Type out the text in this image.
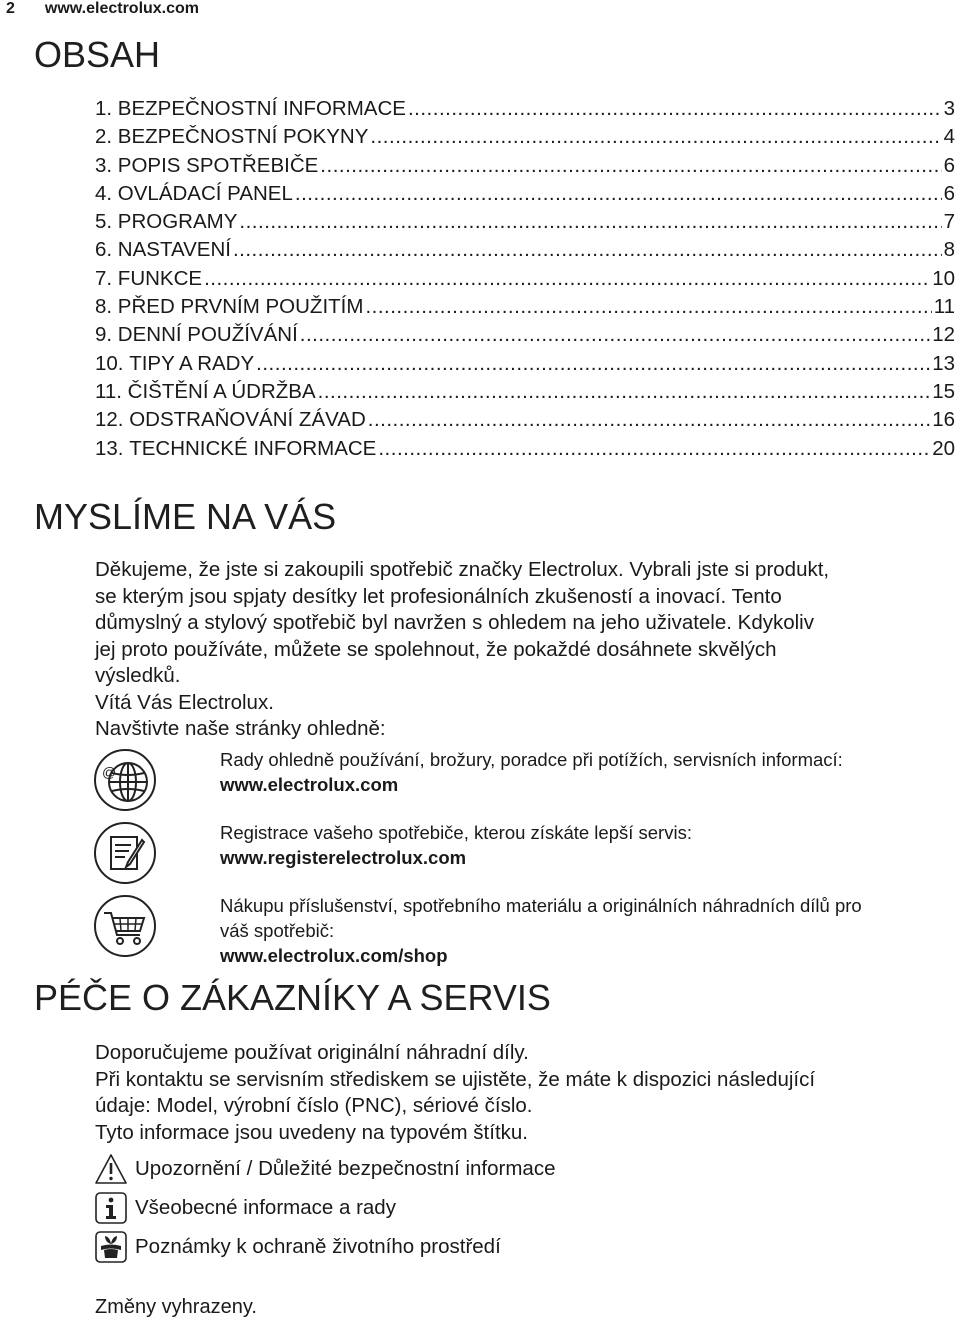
2 www.electrolux.com
OBSAH
1. BEZPEČNOSTNÍ INFORMACE .....	3
2. BEZPEČNOSTNÍ POKYNY .....	4
3. POPIS SPOTŘEBIČE .....	6
4. OVLÁDACÍ PANEL .....	6
5. PROGRAMY .....	7
6. NASTAVENÍ .....	8
7. FUNKCE .....	10
8. PŘED PRVNÍM POUŽITÍM .....	11
9. DENNÍ POUŽÍVÁNÍ .....	12
10. TIPY A RADY .....	13
11. ČIŠTĚNÍ A ÚDRŽBA .....	15
12. ODSTRAŇOVÁNÍ ZÁVAD .....	16
13. TECHNICKÉ INFORMACE .....	20
MYSLÍME NA VÁS

Děkujeme, že jste si zakoupili spotřebič značky Electrolux. Vybrali jste si produkt,

se kterým jsou spjaty desítky let profesionálních zkušeností a inovací. Tento

důmyslný a stylový spotřebič byl navržen s ohledem na jeho uživatele. Kdykoliv

jej proto používáte, můžete se spolehnout, že pokaždé dosáhnete skvělých

výsledků.

Vítá Vás Electrolux.

Navštivte naše stránky ohledně:

@
Rady ohledně používání, brožury, poradce při potížích, servisních informací:
www.electrolux.com
Registrace vašeho spotřebiče, kterou získáte lepší servis:
www.registerelectrolux.com
Nákupu příslušenství, spotřebního materiálu a originálních náhradních dílů pro
váš spotřebič:
www.electrolux.com/shop
PÉČE O ZÁKAZNÍKY A SERVIS

Doporučujeme používat originální náhradní díly.

Při kontaktu se servisním střediskem se ujistěte, že máte k dispozici následující

údaje: Model, výrobní číslo (PNC), sériové číslo.

Tyto informace jsou uvedeny na typovém štítku.

Upozornění / Důležité bezpečnostní informace
Všeobecné informace a rady
Poznámky k ochraně životního prostředí
Změny vyhrazeny.
